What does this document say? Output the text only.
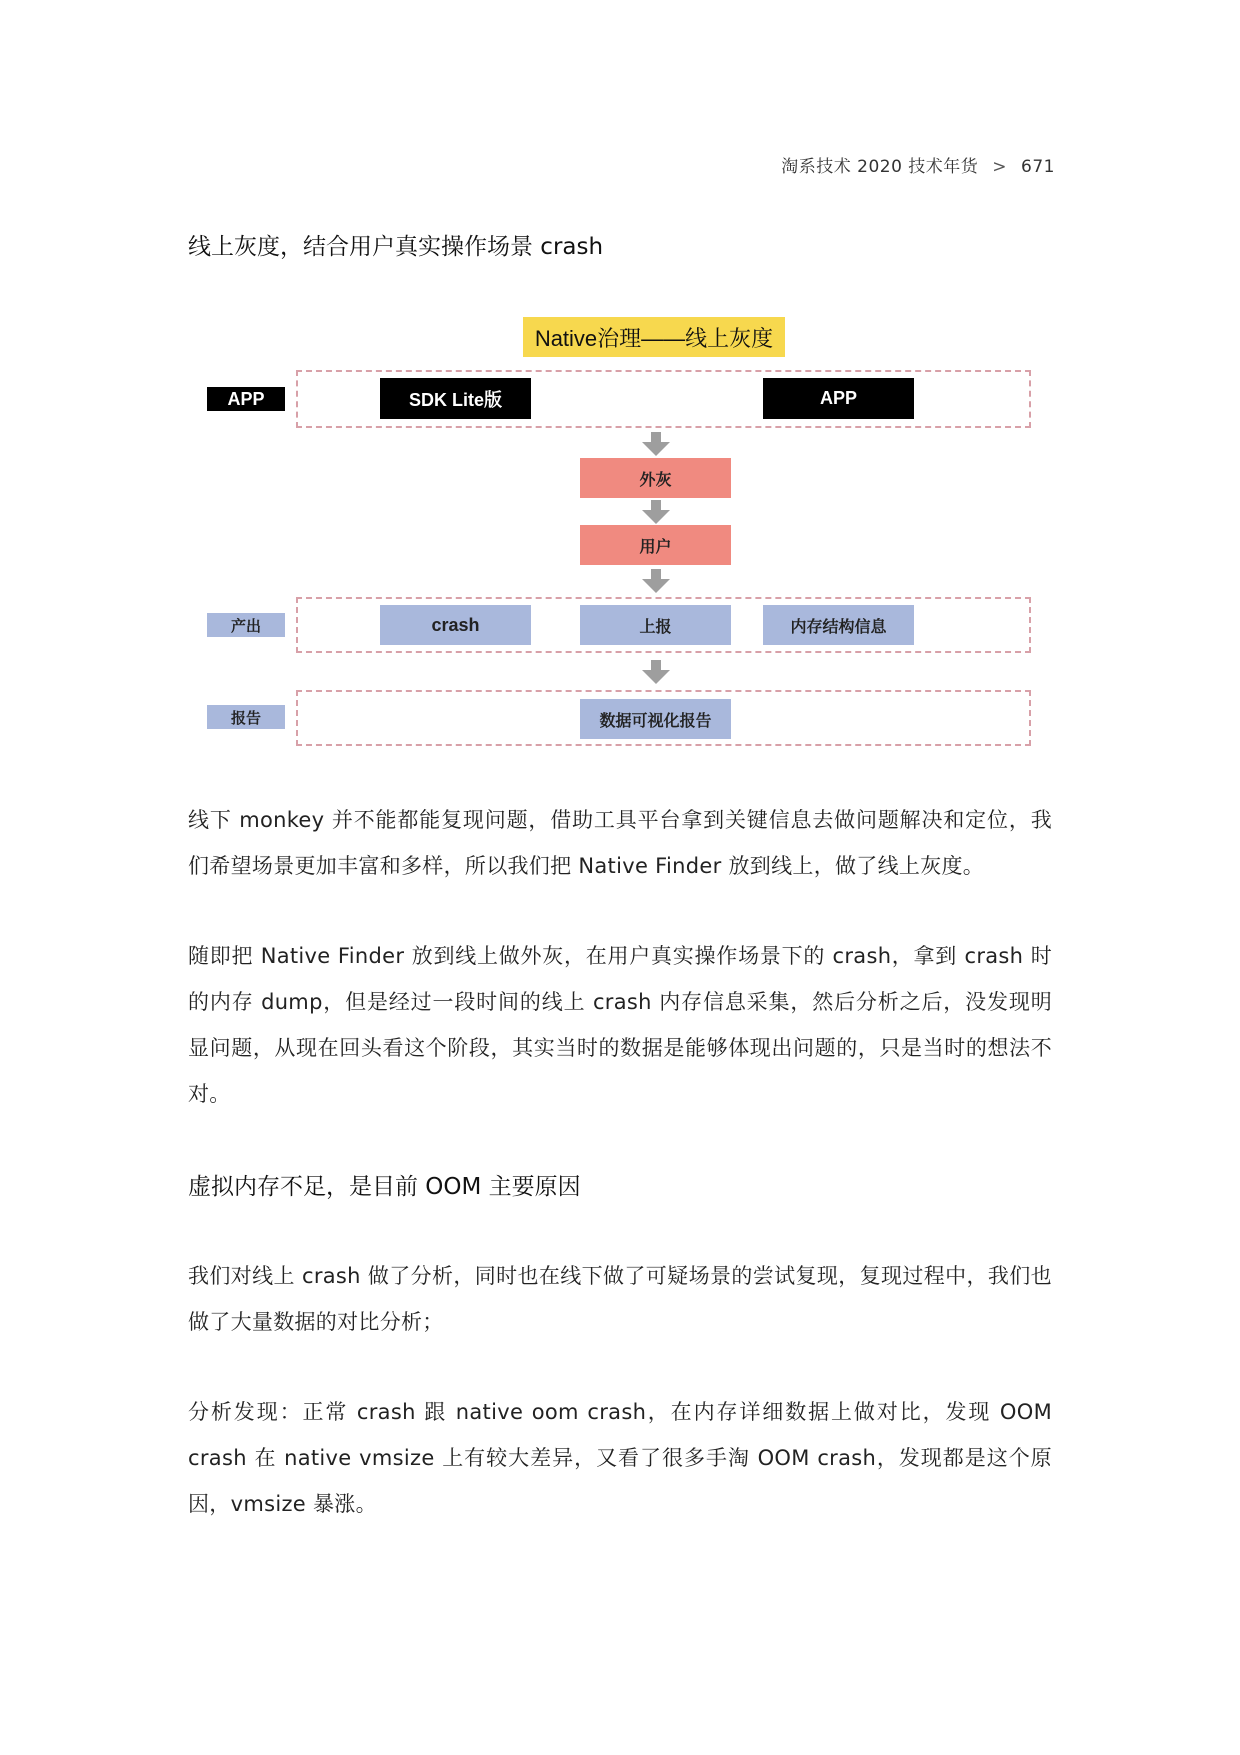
淘系技术 2020 技术年货 > 671
线上灰度，结合用户真实操作场景 crash
Native治理——线上灰度
APP	SDK Lite版	APP
外灰
用户
产出	crash	上报	内存结构信息
报告	数据可视化报告

线下 monkey 并不能都能复现问题，借助工具平台拿到关键信息去做问题解决和定位，我们希望场景更加丰富和多样，所以我们把 Native Finder 放到线上，做了线上灰度。

随即把 Native Finder 放到线上做外灰，在用户真实操作场景下的 crash，拿到 crash 时的内存 dump，但是经过一段时间的线上 crash 内存信息采集，然后分析之后，没发现明显问题，从现在回头看这个阶段，其实当时的数据是能够体现出问题的，只是当时的想法不对。

虚拟内存不足，是目前 OOM 主要原因

我们对线上 crash 做了分析，同时也在线下做了可疑场景的尝试复现，复现过程中，我们也做了大量数据的对比分析；

分析发现：正常 crash 跟 native oom crash，在内存详细数据上做对比，发现 OOM crash 在 native vmsize 上有较大差异，又看了很多手淘 OOM crash，发现都是这个原因，vmsize 暴涨。
